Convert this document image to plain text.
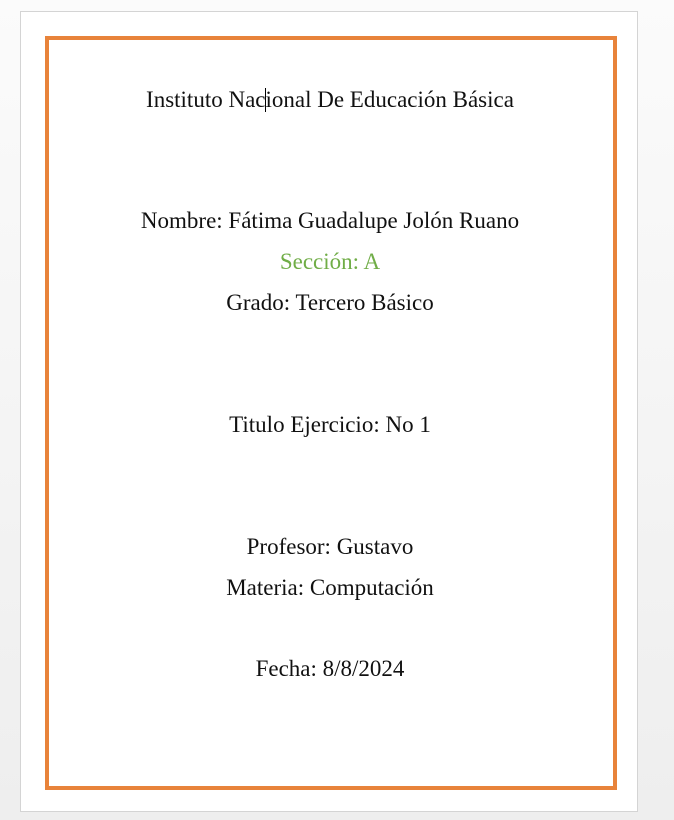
Instituto Nacional De Educación Básica
Nombre: Fátima Guadalupe Jolón Ruano
Sección: A
Grado: Tercero Básico
Titulo Ejercicio: No 1
Profesor: Gustavo
Materia: Computación
Fecha: 8/8/2024
